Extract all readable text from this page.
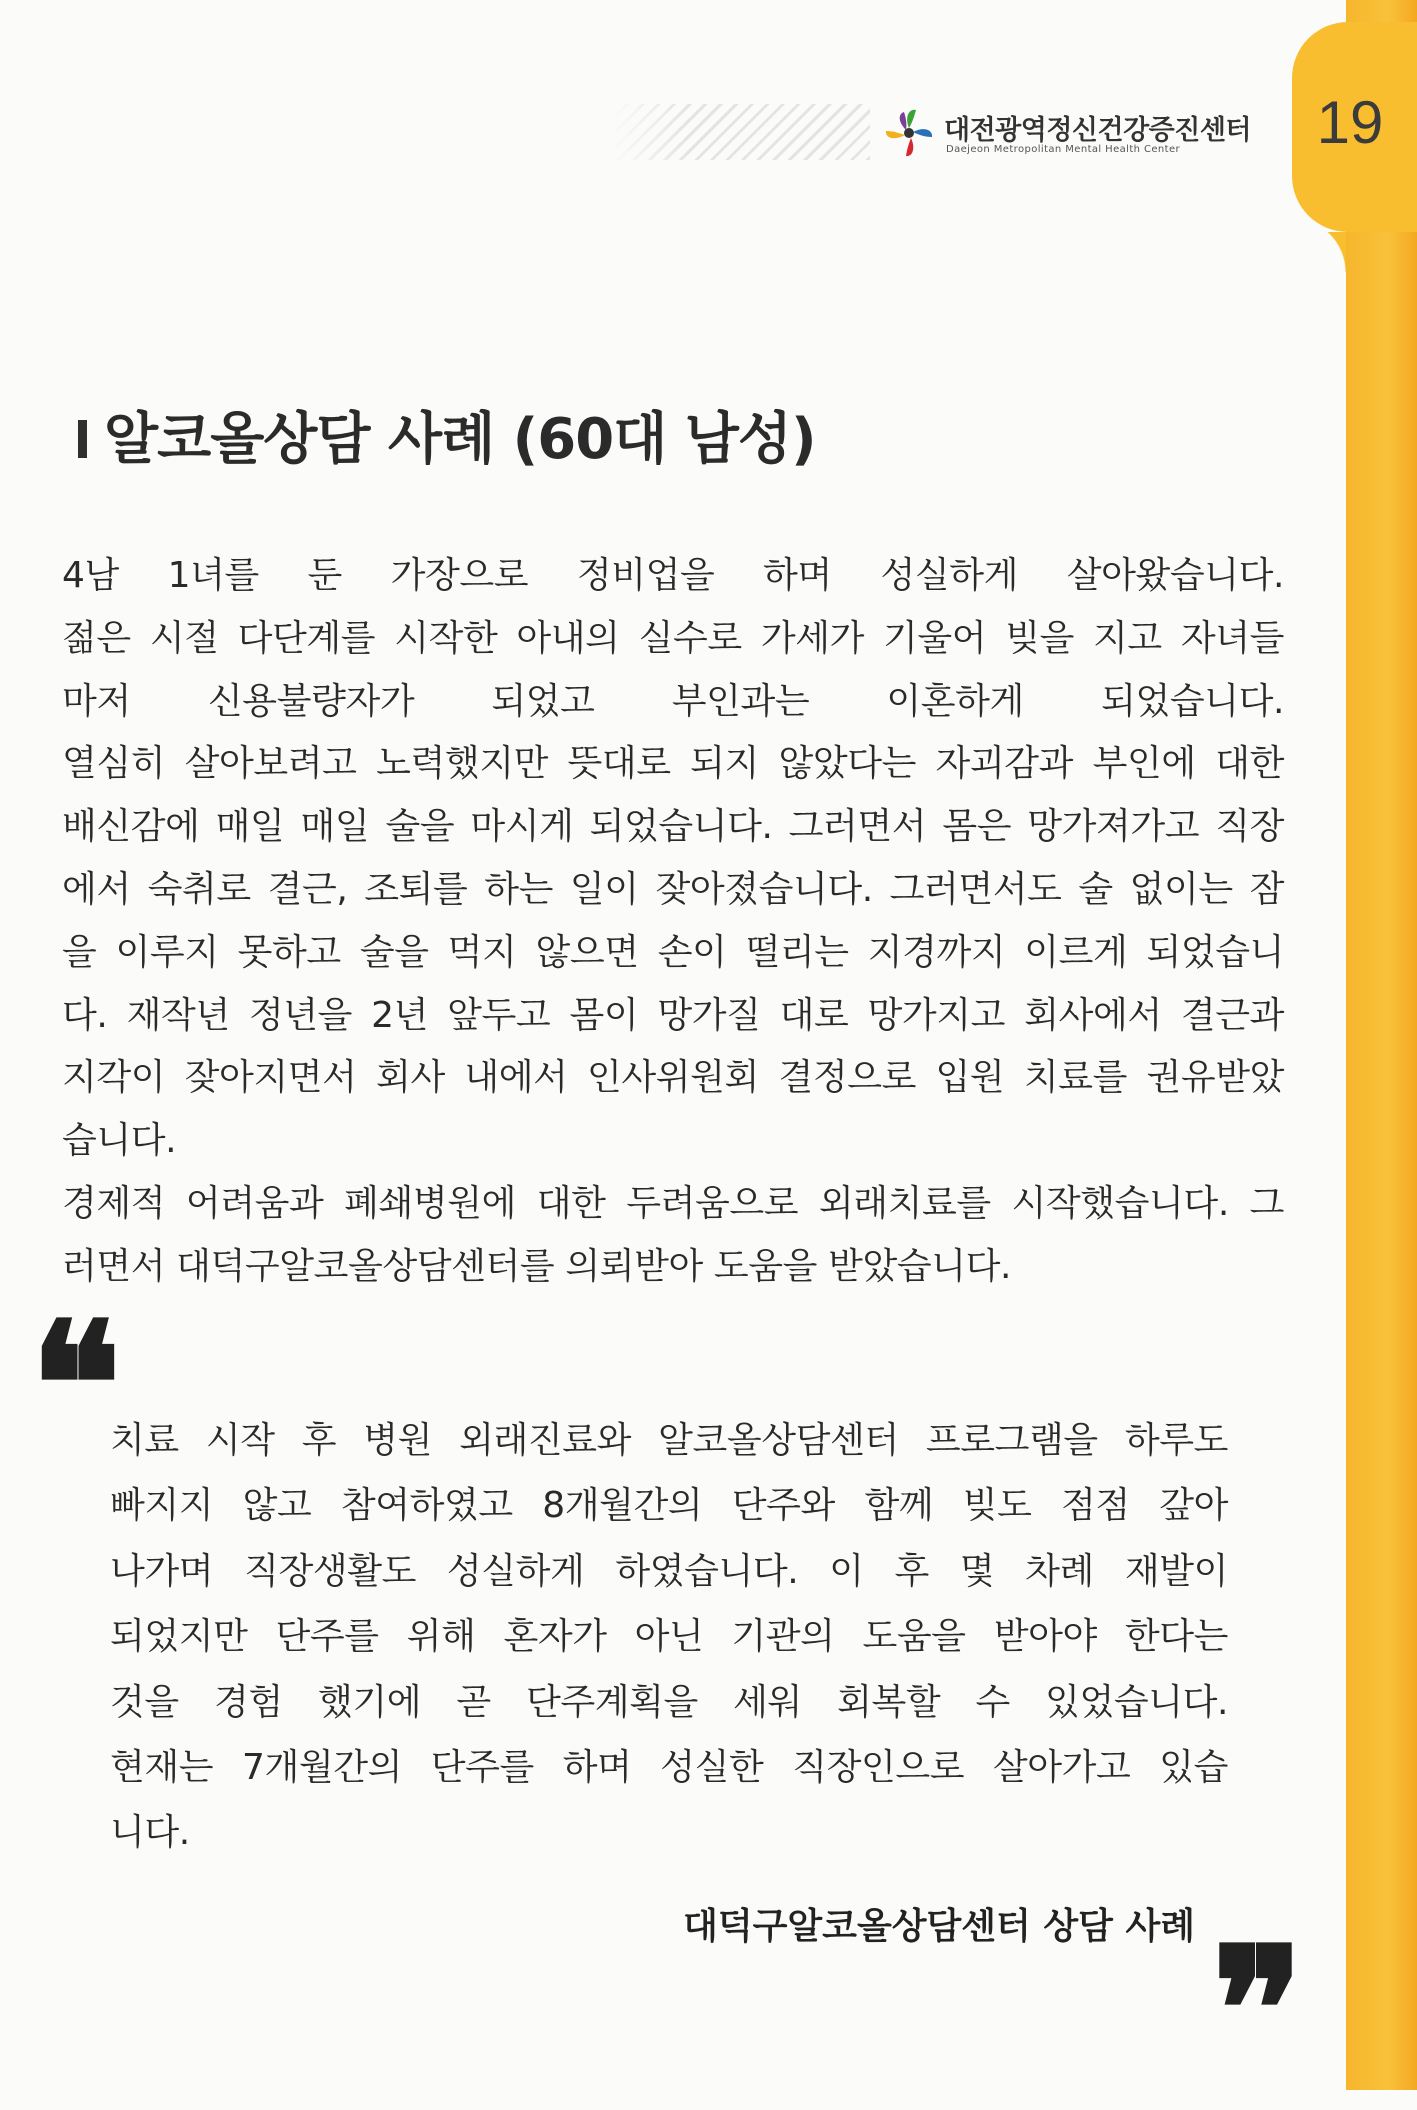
19
대전광역정신건강증진센터
Daejeon Metropolitan Mental Health Center
알코올상담 사례 (60대 남성)
4남 1녀를 둔 가장으로 정비업을 하며 성실하게 살아왔습니다.
젊은 시절 다단계를 시작한 아내의 실수로 가세가 기울어 빚을 지고 자녀들
마저 신용불량자가 되었고 부인과는 이혼하게 되었습니다.
열심히 살아보려고 노력했지만 뜻대로 되지 않았다는 자괴감과 부인에 대한
배신감에 매일 매일 술을 마시게 되었습니다. 그러면서 몸은 망가져가고 직장
에서 숙취로 결근, 조퇴를 하는 일이 잦아졌습니다. 그러면서도 술 없이는 잠
을 이루지 못하고 술을 먹지 않으면 손이 떨리는 지경까지 이르게 되었습니
다. 재작년 정년을 2년 앞두고 몸이 망가질 대로 망가지고 회사에서 결근과
지각이 잦아지면서 회사 내에서 인사위원회 결정으로 입원 치료를 권유받았
습니다.
경제적 어려움과 폐쇄병원에 대한 두려움으로 외래치료를 시작했습니다. 그
러면서 대덕구알코올상담센터를 의뢰받아 도움을 받았습니다.
❝
치료 시작 후 병원 외래진료와 알코올상담센터 프로그램을 하루도
빠지지 않고 참여하였고 8개월간의 단주와 함께 빚도 점점 갚아
나가며 직장생활도 성실하게 하였습니다. 이 후 몇 차례 재발이
되었지만 단주를 위해 혼자가 아닌 기관의 도움을 받아야 한다는
것을 경험 했기에 곧 단주계획을 세워 회복할 수 있었습니다.
현재는 7개월간의 단주를 하며 성실한 직장인으로 살아가고 있습
니다.
대덕구알코올상담센터 상담 사례 ❞
